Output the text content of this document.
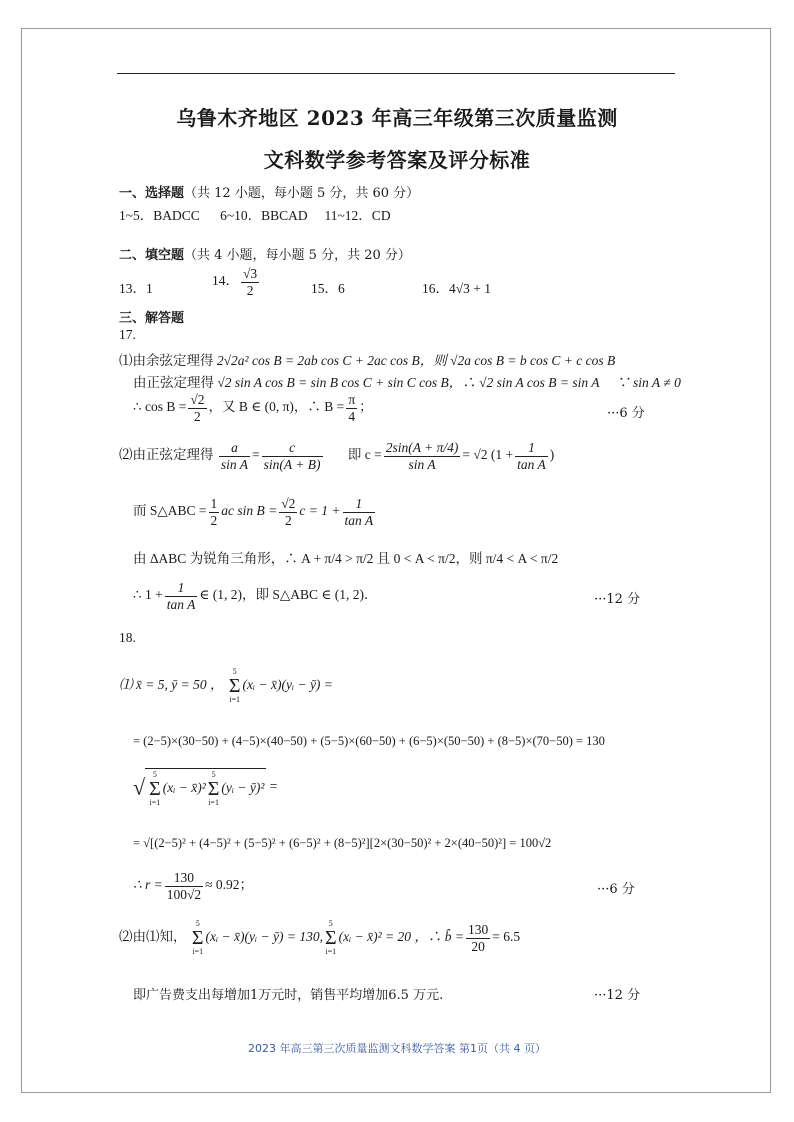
乌鲁木齐地区 2023 年高三年级第三次质量监测
文科数学参考答案及评分标准
一、选择题（共 12 小题，每小题 5 分，共 60 分）
1~5．BADCC 　 6~10．BBCAD 　11~12．CD
二、填空题（共 4 小题，每小题 5 分，共 20 分）
13．1
14． $\frac{√3}{2}$	15．6	16．4√3 + 1
三、解答题
17.
⑴由余弦定理得 2√2a² cos B = 2ab cos C + 2ac cos B，则 √2a cos B = b cos C + c cos B
由正弦定理得 √2 sin A cos B = sin B cos C + sin C cos B，∴ √2 sin A cos B = sin A 　∵ sin A ≠ 0
∴ $\cos B = \frac{√2}{2}$ ，又 B ∈ (0, π)，∴ $B = \frac{\pi}{4}$ ；	···6 分
⑵由正弦定理得 $\frac{a}{\text{sin A}} = \frac{c}{\sin(A + B)}$ 即 $c = \frac{2\sin(A + \pi/4)}{\text{sin A}} = √2$ ($1 + \frac{1}{\text{tan A}}$ )
而 S△ABC = $\frac{1}{2}$ ac $\sin B = \frac{√2}{2}$ $c = 1 + \frac{1}{\text{tan A}}$
由 ΔABC 为锐角三角形，∴ A + π/4 > π/2 且 0 < A < π/2，则 π/4 < A < π/2
∴ $1 + \frac{1}{\text{tan A}}$ ∈ (1, 2)，即 S△ABC ∈ (1, 2)．	···12 分
18.
⑴ x̄ = 5, ȳ = 50 ，
5
Σ
i=1
(xᵢ − x̄)(yᵢ − ȳ) =
= (2−5)×(30−50) + (4−5)×(40−50) + (5−5)×(60−50) + (6−5)×(50−50) + (8−5)×(70−50) = 130
√ 5
Σ
i=1
(xᵢ − x̄)²
5
Σ
i=1
(yᵢ − ȳ)² =
= √[(2−5)² + (4−5)² + (5−5)² + (6−5)² + (8−5)²][2×(30−50)² + 2×(40−50)²] = 100√2
∴ $r = \frac{130}{100√2} \approx 0.92$；	···6 分
⑵由⑴知，
5
Σ
i=1
(xᵢ − x̄)(yᵢ − ȳ) = 130,
5
Σ
i=1
(xᵢ − x̄)² = 20 ，∴ b̂ = $\frac{130}{20} = 6.5$
即广告费支出每增加1万元时，销售平均增加6.5 万元.	···12 分
2023 年高三第三次质量监测文科数学答案 第1页（共 4 页）
